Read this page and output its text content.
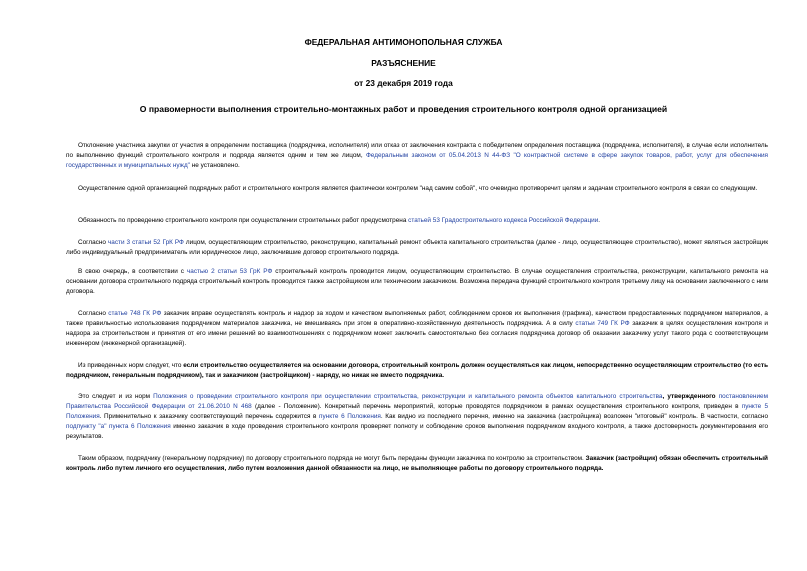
ФЕДЕРАЛЬНАЯ АНТИМОНОПОЛЬНАЯ СЛУЖБА
РАЗЪЯСНЕНИЕ
от 23 декабря 2019 года
О правомерности выполнения строительно-монтажных работ и проведения строительного контроля одной организацией

Отклонение участника закупки от участия в определении поставщика (подрядчика, исполнителя) или отказ от заключения контракта с победителем определения поставщика (подрядчика, исполнителя), в случае если исполнитель по выполнению функций строительного контроля и подряда является одним и тем же лицом, Федеральным законом от 05.04.2013 N 44-ФЗ "О контрактной системе в сфере закупок товаров, работ, услуг для обеспечения государственных и муниципальных нужд" не установлено.

Осуществление одной организацией подрядных работ и строительного контроля является фактически контролем "над самим собой", что очевидно противоречит целям и задачам строительного контроля в связи со следующим.

Обязанность по проведению строительного контроля при осуществлении строительных работ предусмотрена статьей 53 Градостроительного кодекса Российской Федерации.

Согласно части 3 статьи 52 ГрК РФ лицом, осуществляющим строительство, реконструкцию, капитальный ремонт объекта капитального строительства (далее - лицо, осуществляющее строительство), может являться застройщик либо индивидуальный предприниматель или юридическое лицо, заключившие договор строительного подряда.

В свою очередь, в соответствии с частью 2 статьи 53 ГрК РФ строительный контроль проводится лицом, осуществляющим строительство. В случае осуществления строительства, реконструкции, капитального ремонта на основании договора строительного подряда строительный контроль проводится также застройщиком или техническим заказчиком. Возможна передача функций строительного контроля третьему лицу на основании заключенного с ним договора.

Согласно статье 748 ГК РФ заказчик вправе осуществлять контроль и надзор за ходом и качеством выполняемых работ, соблюдением сроков их выполнения (графика), качеством предоставленных подрядчиком материалов, а также правильностью использования подрядчиком материалов заказчика, не вмешиваясь при этом в оперативно-хозяйственную деятельность подрядчика. А в силу статьи 749 ГК РФ заказчик в целях осуществления контроля и надзора за строительством и принятия от его имени решений во взаимоотношениях с подрядчиком может заключить самостоятельно без согласия подрядчика договор об оказании заказчику услуг такого рода с соответствующим инженером (инженерной организацией).

Из приведенных норм следует, что если строительство осуществляется на основании договора, строительный контроль должен осуществляться как лицом, непосредственно осуществляющим строительство (то есть подрядчиком, генеральным подрядчиком), так и заказчиком (застройщиком) - наряду, но никак не вместо подрядчика.

Это следует и из норм Положения о проведении строительного контроля при осуществлении строительства, реконструкции и капитального ремонта объектов капитального строительства, утвержденного постановлением Правительства Российской Федерации от 21.06.2010 N 468 (далее - Положение). Конкретный перечень мероприятий, которые проводятся подрядчиком в рамках осуществления строительного контроля, приведен в пункте 5 Положения. Применительно к заказчику соответствующий перечень содержится в пункте 6 Положения. Как видно из последнего перечня, именно на заказчика (застройщика) возложен "итоговый" контроль. В частности, согласно подпункту "а" пункта 6 Положения именно заказчик в ходе проведения строительного контроля проверяет полноту и соблюдение сроков выполнения подрядчиком входного контроля, а также достоверность документирования его результатов.

Таким образом, подрядчику (генеральному подрядчику) по договору строительного подряда не могут быть переданы функции заказчика по контролю за строительством. Заказчик (застройщик) обязан обеспечить строительный контроль либо путем личного его осуществления, либо путем возложения данной обязанности на лицо, не выполняющее работы по договору строительного подряда.
